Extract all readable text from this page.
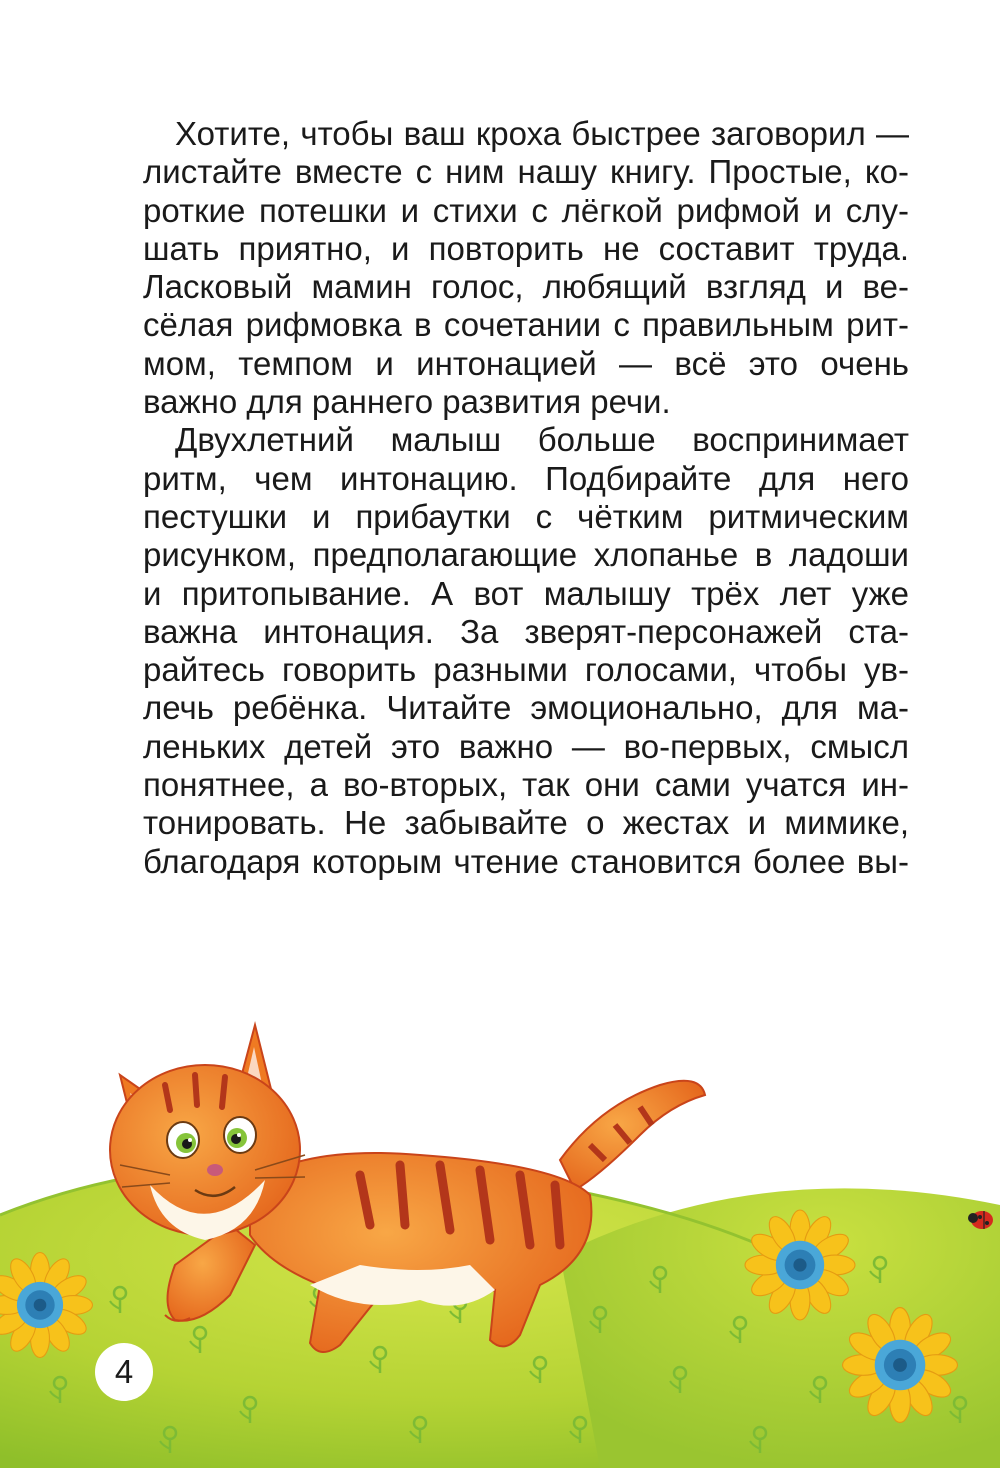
Хотите, чтобы ваш кроха быстрее заговорил —
листайте вместе с ним нашу книгу. Простые, ко-
роткие потешки и стихи с лёгкой рифмой и слу-
шать приятно, и повторить не составит труда.
Ласковый мамин голос, любящий взгляд и ве-
сёлая рифмовка в сочетании с правильным рит-
мом, темпом и интонацией — всё это очень
важно для раннего развития речи.

Двухлетний малыш больше воспринимает
ритм, чем интонацию. Подбирайте для него
пестушки и прибаутки с чётким ритмическим
рисунком, предполагающие хлопанье в ладоши
и притопывание. А вот малышу трёх лет уже
важна интонация. За зверят-персонажей ста-
райтесь говорить разными голосами, чтобы ув-
лечь ребёнка. Читайте эмоционально, для ма-
леньких детей это важно — во-первых, смысл
понятнее, а во-вторых, так они сами учатся ин-
тонировать. Не забывайте о жестах и мимике,
благодаря которым чтение становится более вы-

4
